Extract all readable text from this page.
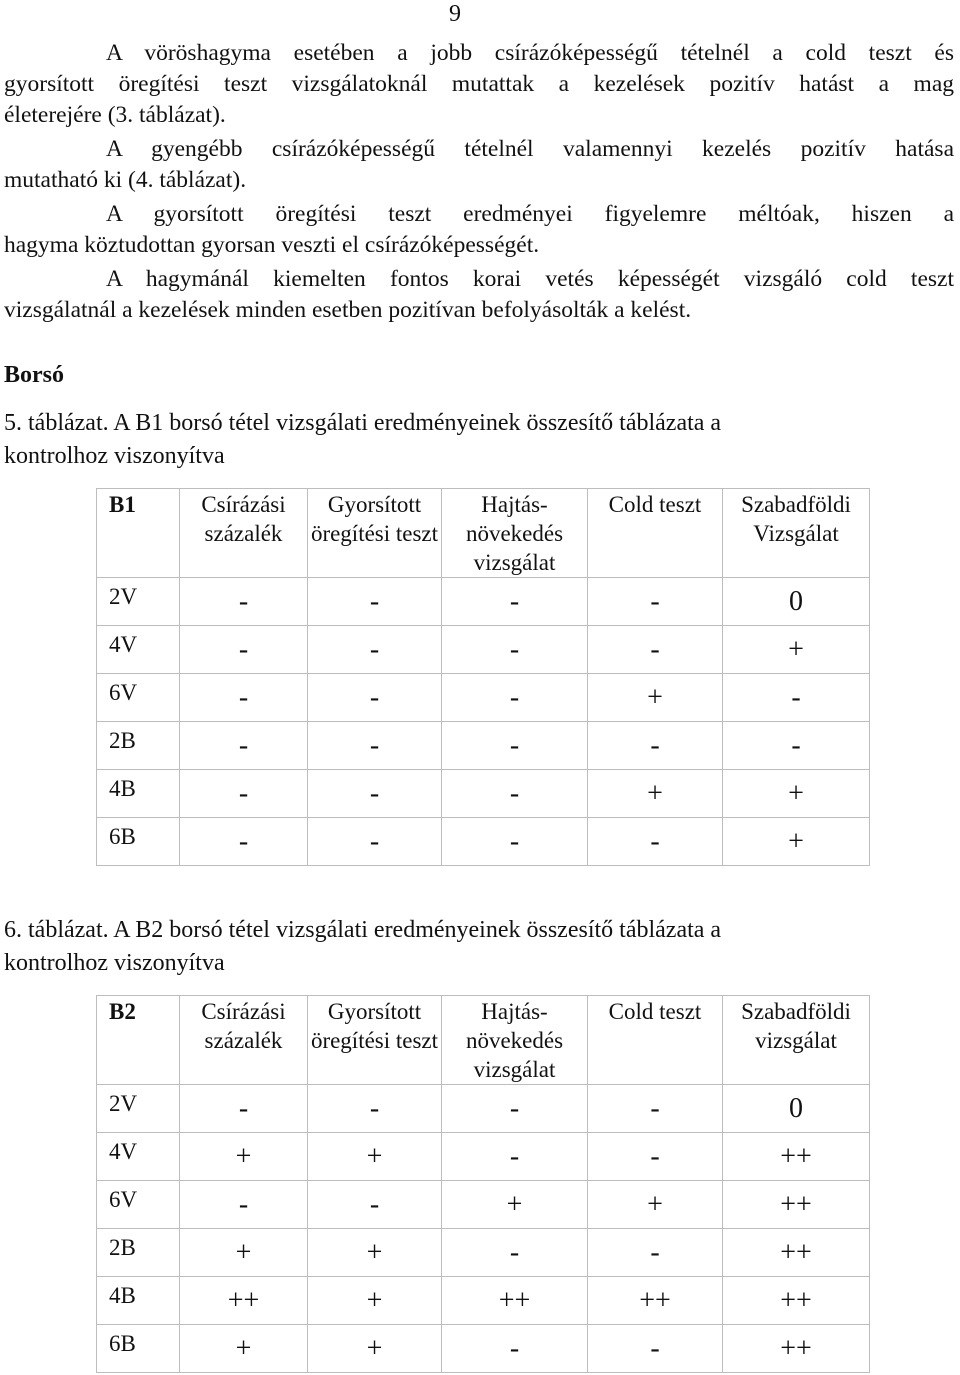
9

A vöröshagyma esetében a jobb csírázóképességű tételnél a cold teszt és
gyorsított öregítési teszt vizsgálatoknál mutattak a kezelések pozitív hatást a mag
életerejére (3. táblázat).

A gyengébb csírázóképességű tételnél valamennyi kezelés pozitív hatása
mutatható ki (4. táblázat).

A gyorsított öregítési teszt eredményei figyelemre méltóak, hiszen a
hagyma köztudottan gyorsan veszti el csírázóképességét.

A hagymánál kiemelten fontos korai vetés képességét vizsgáló cold teszt
vizsgálatnál a kezelések minden esetben pozitívan befolyásolták a kelést.

Borsó

5. táblázat. A B1 borsó tétel vizsgálati eredményeinek összesítő táblázata a
kontrolhoz viszonyítva

B1	Csírázási százalék	Gyorsított öregítési teszt	Hajtás-növekedés vizsgálat	Cold teszt	Szabadföldi Vizsgálat
2V	-	-	-	-	0
4V	-	-	-	-	+
6V	-	-	-	+	-
2B	-	-	-	-	-
4B	-	-	-	+	+
6B	-	-	-	-	+

6. táblázat. A B2 borsó tétel vizsgálati eredményeinek összesítő táblázata a
kontrolhoz viszonyítva

B2	Csírázási százalék	Gyorsított öregítési teszt	Hajtás-növekedés vizsgálat	Cold teszt	Szabadföldi vizsgálat
2V	-	-	-	-	0
4V	+	+	-	-	++
6V	-	-	+	+	++
2B	+	+	-	-	++
4B	++	+	++	++	++
6B	+	+	-	-	++
